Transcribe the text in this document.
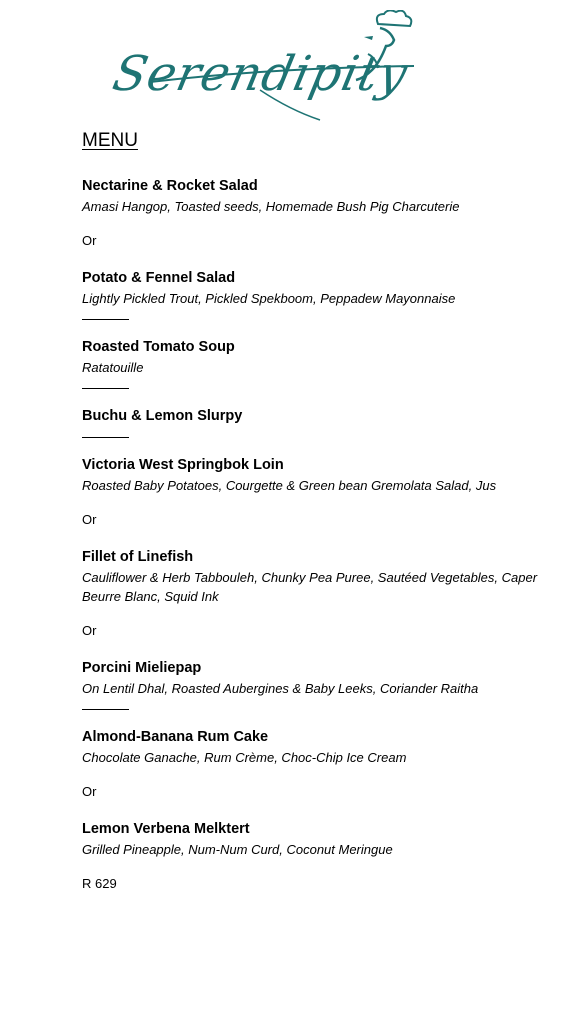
Serendipity
MENU
Nectarine & Rocket Salad
Amasi Hangop, Toasted seeds, Homemade Bush Pig Charcuterie
Or
Potato & Fennel Salad
Lightly Pickled Trout, Pickled Spekboom, Peppadew Mayonnaise
Roasted Tomato Soup
Ratatouille
Buchu & Lemon Slurpy
Victoria West Springbok Loin
Roasted Baby Potatoes, Courgette & Green bean Gremolata Salad, Jus
Or
Fillet of Linefish
Cauliflower & Herb Tabbouleh, Chunky Pea Puree, Sautéed Vegetables, Caper Beurre Blanc, Squid Ink
Or
Porcini Mieliepap
On Lentil Dhal, Roasted Aubergines & Baby Leeks, Coriander Raitha
Almond-Banana Rum Cake
Chocolate Ganache, Rum Crème, Choc-Chip Ice Cream
Or
Lemon Verbena Melktert
Grilled Pineapple, Num-Num Curd, Coconut Meringue
R 629
